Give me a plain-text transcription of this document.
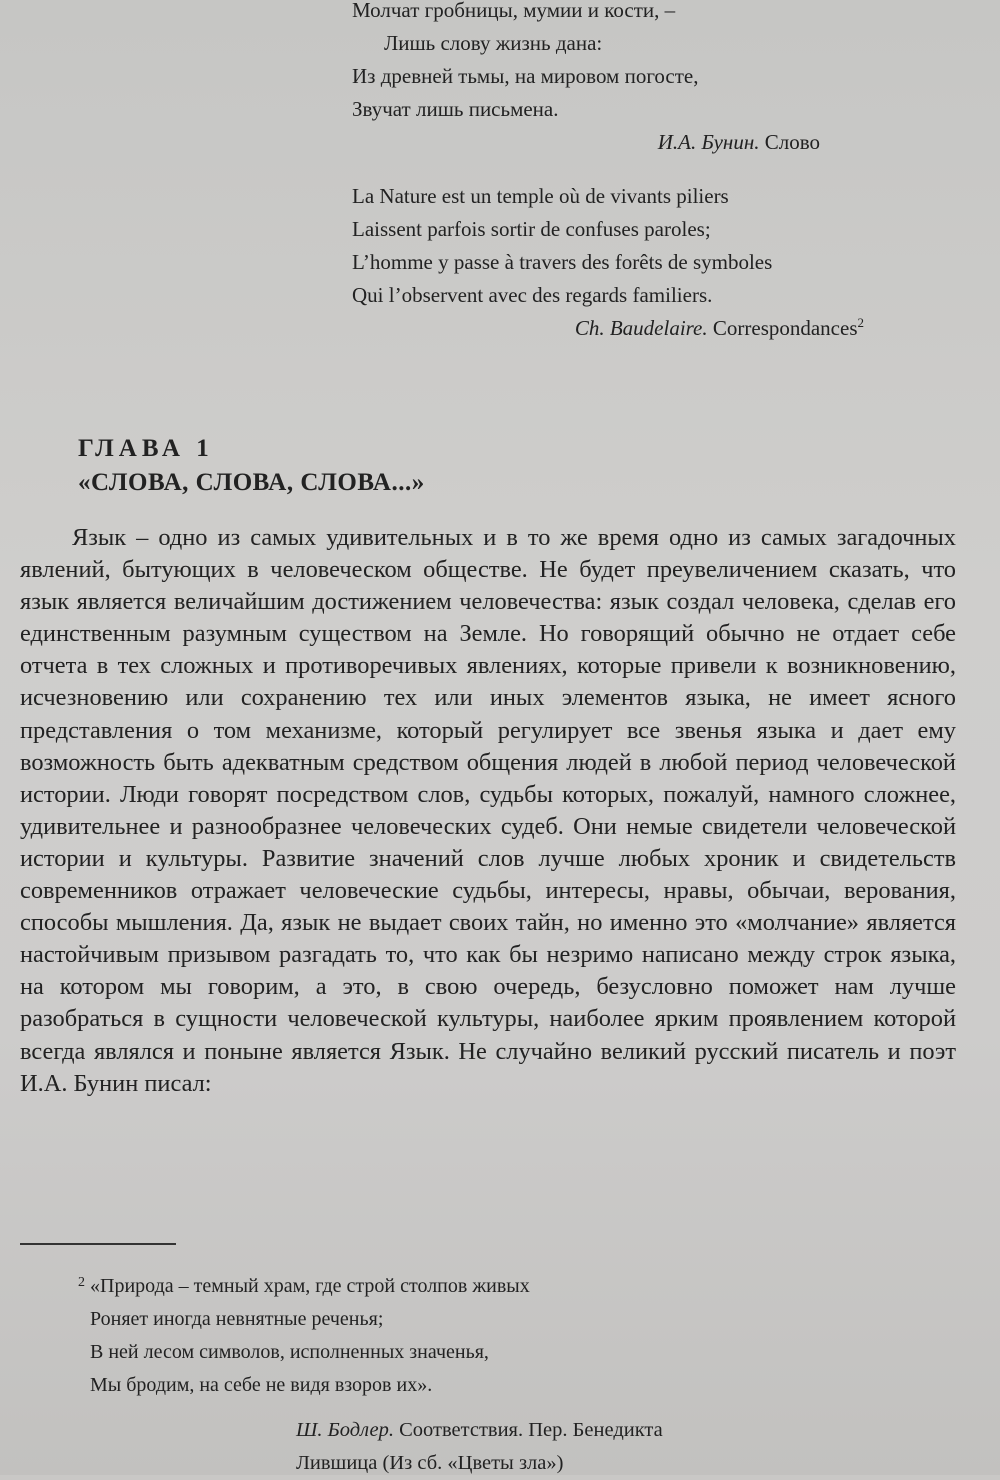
Молчат гробницы, мумии и кости, –
Лишь слову жизнь дана:
Из древней тьмы, на мировом погосте,
Звучат лишь письмена.
И.А. Бунин. Слово
La Nature est un temple où de vivants piliers
Laissent parfois sortir de confuses paroles;
L’homme y passe à travers des forêts de symboles
Qui l’observent avec des regards familiers.
Ch. Baudelaire. Correspondances$^2$
ГЛАВА 1
«СЛОВА, СЛОВА, СЛОВА...»
Язык – одно из самых удивительных и в то же время одно из самых загадочных явлений, бытующих в человеческом обществе. Не будет преувеличением сказать, что язык является величайшим достижением человечества: язык создал человека, сделав его единственным разумным существом на Земле. Но говорящий обычно не отдает себе отчета в тех сложных и противоречивых явлениях, которые привели к возникновению, исчезновению или сохранению тех или иных элементов языка, не имеет ясного представления о том механизме, который регулирует все звенья языка и дает ему возможность быть адекватным средством общения людей в любой период человеческой истории. Люди говорят посредством слов, судьбы которых, пожалуй, намного сложнее, удивительнее и разнообразнее человеческих судеб. Они немые свидетели человеческой истории и культуры. Развитие значений слов лучше любых хроник и свидетельств современников отражает человеческие судьбы, интересы, нравы, обычаи, верования, способы мышления. Да, язык не выдает своих тайн, но именно это «молчание» является настойчивым призывом разгадать то, что как бы незримо написано между строк языка, на котором мы говорим, а это, в свою очередь, безусловно поможет нам лучше разобраться в сущности человеческой культуры, наиболее ярким проявлением которой всегда являлся и поныне является Язык. Не случайно великий русский писатель и поэт И.А. Бунин писал:
2 «Природа – темный храм, где строй столпов живых
Роняет иногда невнятные реченья;
В ней лесом символов, исполненных значенья,
Мы бродим, на себе не видя взоров их».
Ш. Бодлер. Соответствия. Пер. Бенедикта
Лившица (Из сб. «Цветы зла»)
